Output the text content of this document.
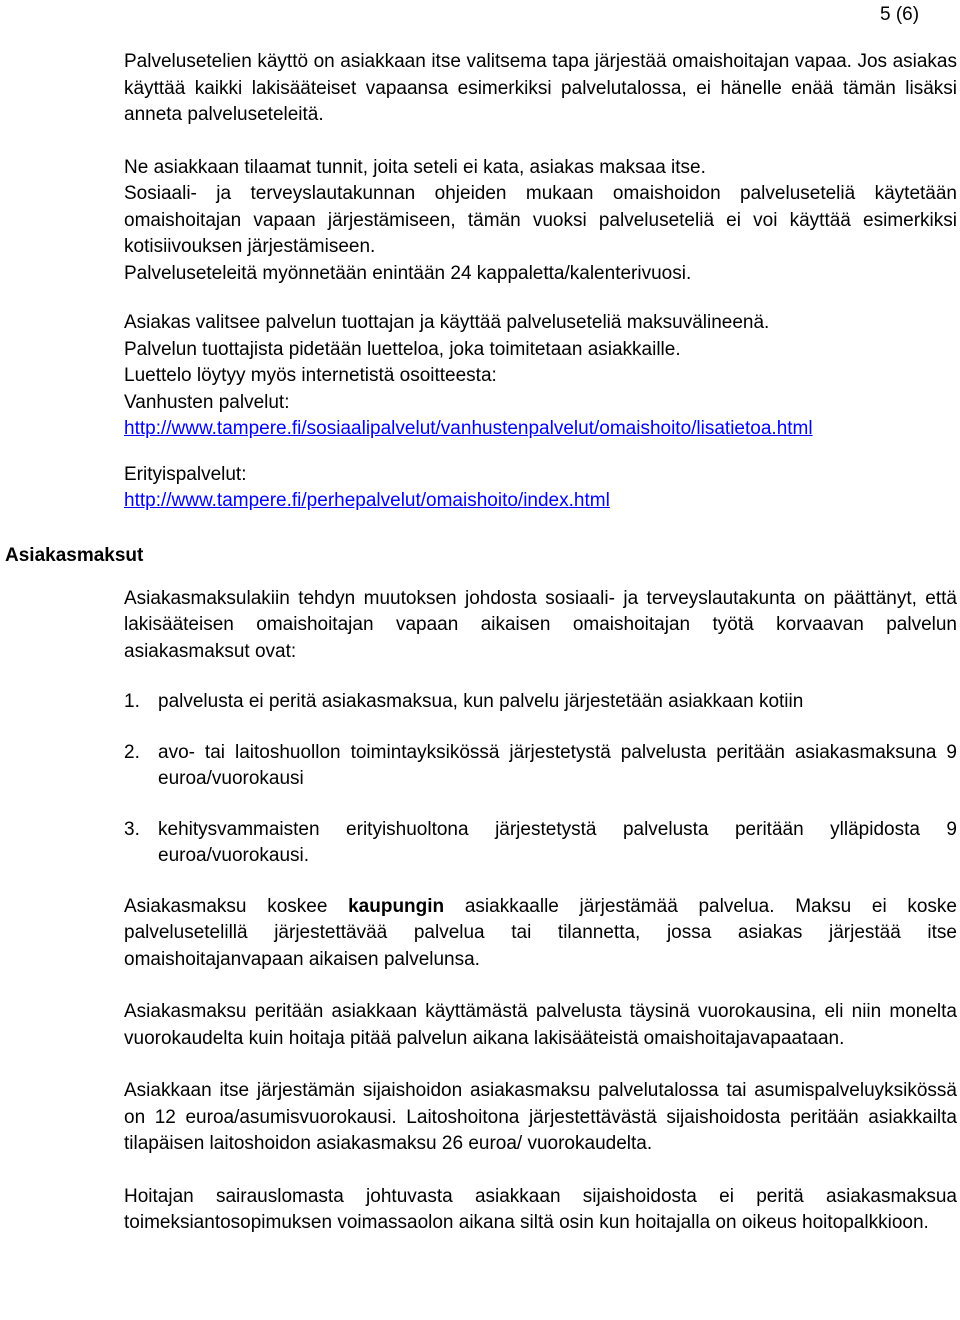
5 (6)
Asiakasmaksut

Palvelusetelien käyttö on asiakkaan itse valitsema tapa järjestää omaishoitajan vapaa. Jos asiakas käyttää kaikki lakisääteiset vapaansa esimerkiksi palvelutalossa, ei hänelle enää tämän lisäksi anneta palveluseteleitä.

Ne asiakkaan tilaamat tunnit, joita seteli ei kata, asiakas maksaa itse.

Sosiaali- ja terveyslautakunnan ohjeiden mukaan omaishoidon palveluseteliä käytetään omaishoitajan vapaan järjestämiseen, tämän vuoksi palveluseteliä ei voi käyttää esimerkiksi kotisiivouksen järjestämiseen.

Palveluseteleitä myönnetään enintään 24 kappaletta/kalenterivuosi.

Asiakas valitsee palvelun tuottajan ja käyttää palveluseteliä maksuvälineenä.

Palvelun tuottajista pidetään luetteloa, joka toimitetaan asiakkaille.

Luettelo löytyy myös internetistä osoitteesta:

Vanhusten palvelut:

http://www.tampere.fi/sosiaalipalvelut/vanhustenpalvelut/omaishoito/lisatietoa.html

Erityispalvelut:

http://www.tampere.fi/perhepalvelut/omaishoito/index.html

Asiakasmaksulakiin tehdyn muutoksen johdosta sosiaali- ja terveyslautakunta on päättänyt, että lakisääteisen omaishoitajan vapaan aikaisen omaishoitajan työtä korvaavan palvelun asiakasmaksut ovat:

1. palvelusta ei peritä asiakasmaksua, kun palvelu järjestetään asiakkaan kotiin
2. avo- tai laitoshuollon toimintayksikössä järjestetystä palvelusta peritään asiakasmaksuna 9 euroa/vuorokausi
3. kehitysvammaisten erityishuoltona järjestetystä palvelusta peritään ylläpidosta 9 euroa/vuorokausi.

Asiakasmaksu koskee kaupungin asiakkaalle järjestämää palvelua. Maksu ei koske palvelusetelillä järjestettävää palvelua tai tilannetta, jossa asiakas järjestää itse omaishoitajanvapaan aikaisen palvelunsa.

Asiakasmaksu peritään asiakkaan käyttämästä palvelusta täysinä vuorokausina, eli niin monelta vuorokaudelta kuin hoitaja pitää palvelun aikana lakisääteistä omaishoitajavapaataan.

Asiakkaan itse järjestämän sijaishoidon asiakasmaksu palvelutalossa tai asumispalveluyksikössä on 12 euroa/asumisvuorokausi. Laitoshoitona järjestettävästä sijaishoidosta peritään asiakkailta tilapäisen laitoshoidon asiakasmaksu 26 euroa/ vuorokaudelta.

Hoitajan sairauslomasta johtuvasta asiakkaan sijaishoidosta ei peritä asiakasmaksua toimeksiantosopimuksen voimassaolon aikana siltä osin kun hoitajalla on oikeus hoitopalkkioon.
